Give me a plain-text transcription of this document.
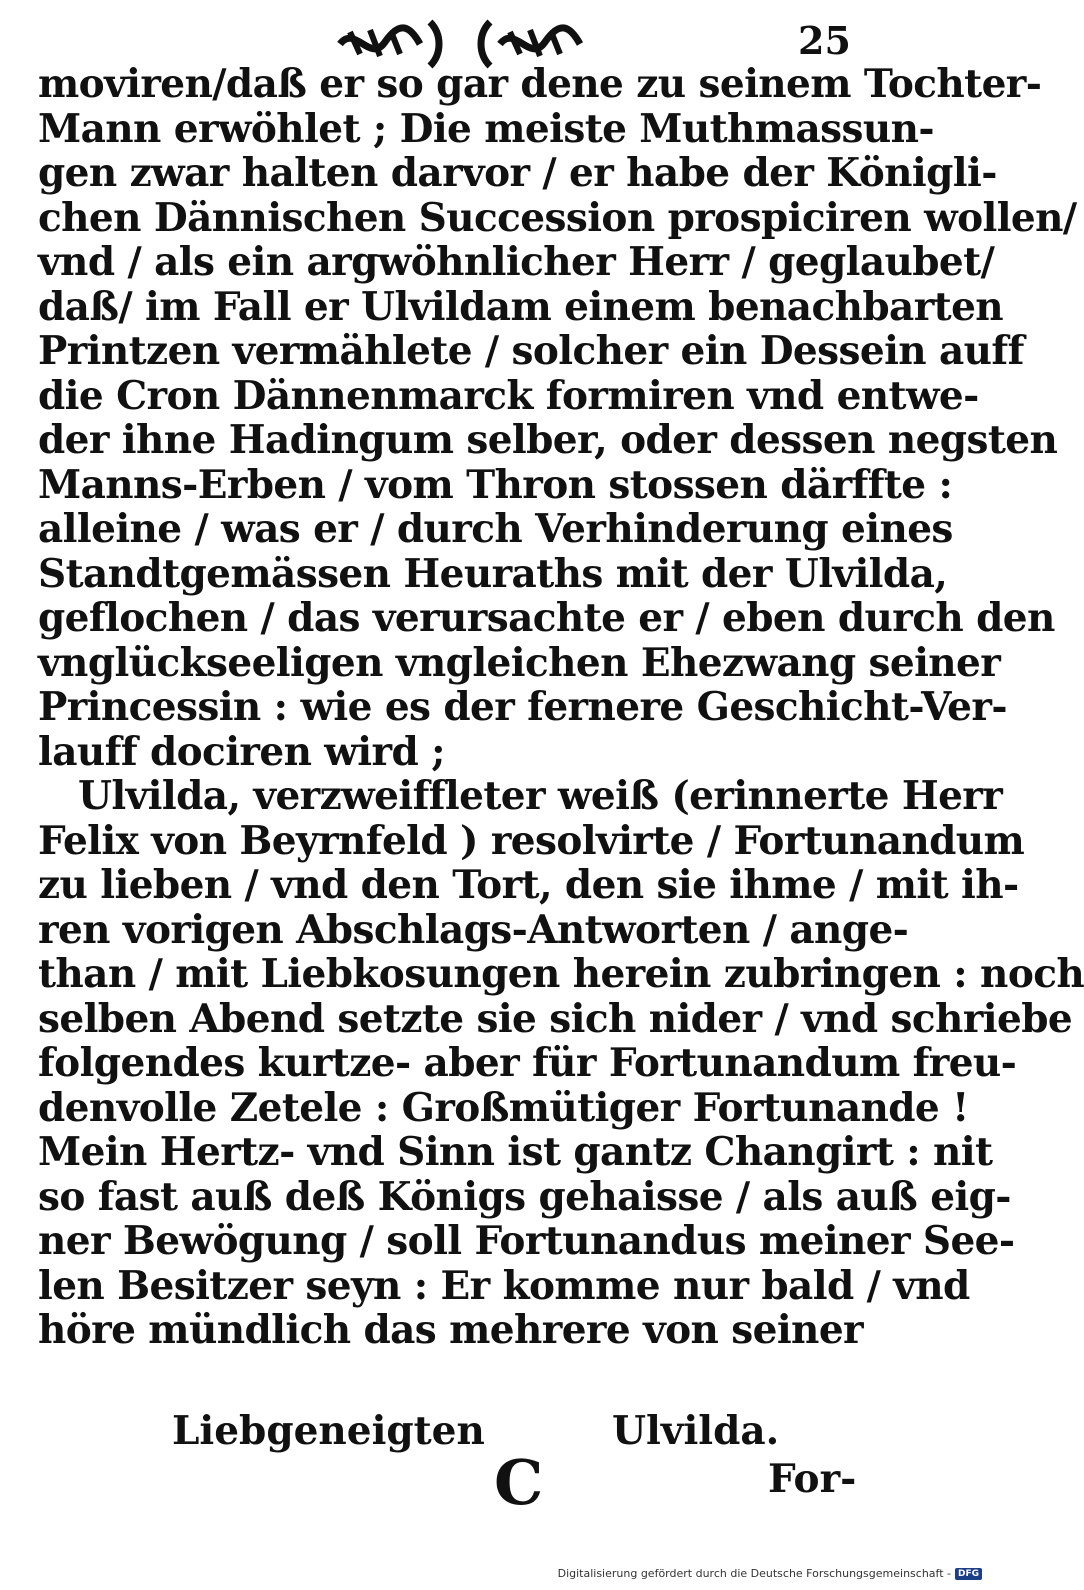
25
moviren/daß er so gar dene zu seinem Tochter-
Mann erwöhlet ; Die meiste Muthmassun-
gen zwar halten darvor / er habe der Königli-
chen Dännischen Succession prospiciren wollen/
vnd / als ein argwöhnlicher Herr / geglaubet/
daß/ im Fall er Ulvildam einem benachbarten
Printzen vermählete / solcher ein Dessein auff
die Cron Dännenmarck formiren vnd entwe-
der ihne Hadingum selber, oder dessen negsten
Manns-Erben / vom Thron stossen därffte :
alleine / was er / durch Verhinderung eines
Standtgemässen Heuraths mit der Ulvilda,
geflochen / das verursachte er / eben durch den
vnglückseeligen vngleichen Ehezwang seiner
Princessin : wie es der fernere Geschicht-Ver-
lauff dociren wird ;
Ulvilda, verzweiffleter weiß (erinnerte Herr
Felix von Beyrnfeld ) resolvirte / Fortunandum
zu lieben / vnd den Tort, den sie ihme / mit ih-
ren vorigen Abschlags-Antworten / ange-
than / mit Liebkosungen herein zubringen : noch
selben Abend setzte sie sich nider / vnd schriebe
folgendes kurtze- aber für Fortunandum freu-
denvolle Zetele : Großmütiger Fortunande !
Mein Hertz- vnd Sinn ist gantz Changirt : nit
so fast auß deß Königs gehaisse / als auß eig-
ner Bewögung / soll Fortunandus meiner See-
len Besitzer seyn : Er komme nur bald / vnd
höre mündlich das mehrere von seiner
Liebgeneigten	Ulvilda.
C	For-
Digitalisierung gefördert durch die Deutsche Forschungsgemeinschaft - DFG
